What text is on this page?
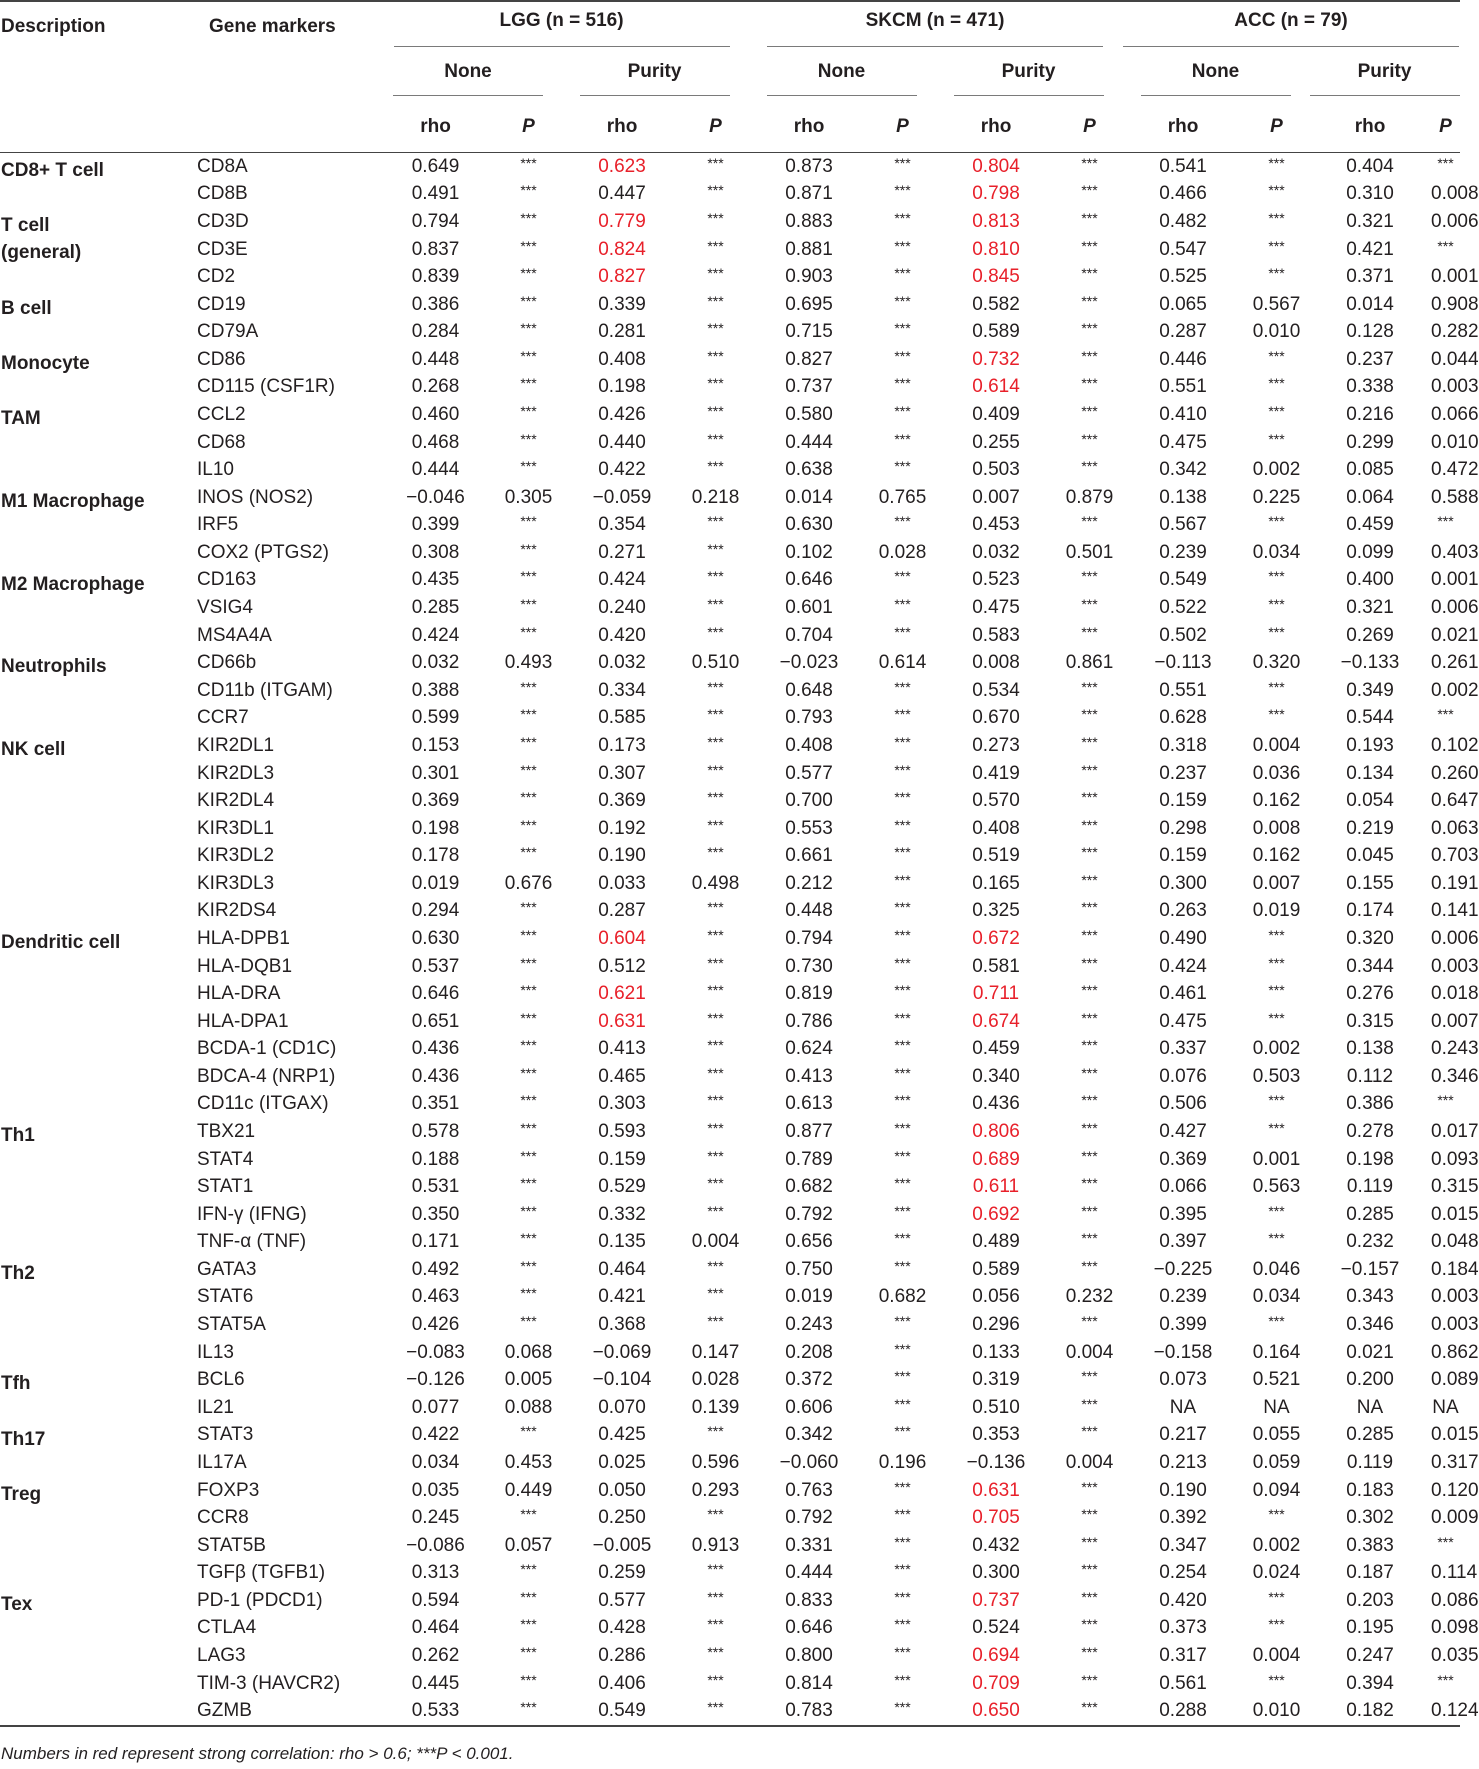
Description	Gene markers	LGG (n = 516)				SKCM (n = 471)				ACC (n = 79)			

		None		Purity		None		Purity		None		Purity	

		rho	P	rho	P	rho	P	rho	P	rho	P	rho	P
CD8+ T cell	CD8A	0.649	***	0.623	***	0.873	***	0.804	***	0.541	***	0.404	***
	CD8B	0.491	***	0.447	***	0.871	***	0.798	***	0.466	***	0.310	0.008
T cell (general)	CD3D	0.794	***	0.779	***	0.883	***	0.813	***	0.482	***	0.321	0.006
	CD3E	0.837	***	0.824	***	0.881	***	0.810	***	0.547	***	0.421	***
	CD2	0.839	***	0.827	***	0.903	***	0.845	***	0.525	***	0.371	0.001
B cell	CD19	0.386	***	0.339	***	0.695	***	0.582	***	0.065	0.567	0.014	0.908
	CD79A	0.284	***	0.281	***	0.715	***	0.589	***	0.287	0.010	0.128	0.282
Monocyte	CD86	0.448	***	0.408	***	0.827	***	0.732	***	0.446	***	0.237	0.044
	CD115 (CSF1R)	0.268	***	0.198	***	0.737	***	0.614	***	0.551	***	0.338	0.003
TAM	CCL2	0.460	***	0.426	***	0.580	***	0.409	***	0.410	***	0.216	0.066
	CD68	0.468	***	0.440	***	0.444	***	0.255	***	0.475	***	0.299	0.010
	IL10	0.444	***	0.422	***	0.638	***	0.503	***	0.342	0.002	0.085	0.472
M1 Macrophage	INOS (NOS2)	−0.046	0.305	−0.059	0.218	0.014	0.765	0.007	0.879	0.138	0.225	0.064	0.588
	IRF5	0.399	***	0.354	***	0.630	***	0.453	***	0.567	***	0.459	***
	COX2 (PTGS2)	0.308	***	0.271	***	0.102	0.028	0.032	0.501	0.239	0.034	0.099	0.403
M2 Macrophage	CD163	0.435	***	0.424	***	0.646	***	0.523	***	0.549	***	0.400	0.001
	VSIG4	0.285	***	0.240	***	0.601	***	0.475	***	0.522	***	0.321	0.006
	MS4A4A	0.424	***	0.420	***	0.704	***	0.583	***	0.502	***	0.269	0.021
Neutrophils	CD66b	0.032	0.493	0.032	0.510	−0.023	0.614	0.008	0.861	−0.113	0.320	−0.133	0.261
	CD11b (ITGAM)	0.388	***	0.334	***	0.648	***	0.534	***	0.551	***	0.349	0.002
	CCR7	0.599	***	0.585	***	0.793	***	0.670	***	0.628	***	0.544	***
NK cell	KIR2DL1	0.153	***	0.173	***	0.408	***	0.273	***	0.318	0.004	0.193	0.102
	KIR2DL3	0.301	***	0.307	***	0.577	***	0.419	***	0.237	0.036	0.134	0.260
	KIR2DL4	0.369	***	0.369	***	0.700	***	0.570	***	0.159	0.162	0.054	0.647
	KIR3DL1	0.198	***	0.192	***	0.553	***	0.408	***	0.298	0.008	0.219	0.063
	KIR3DL2	0.178	***	0.190	***	0.661	***	0.519	***	0.159	0.162	0.045	0.703
	KIR3DL3	0.019	0.676	0.033	0.498	0.212	***	0.165	***	0.300	0.007	0.155	0.191
	KIR2DS4	0.294	***	0.287	***	0.448	***	0.325	***	0.263	0.019	0.174	0.141
Dendritic cell	HLA-DPB1	0.630	***	0.604	***	0.794	***	0.672	***	0.490	***	0.320	0.006
	HLA-DQB1	0.537	***	0.512	***	0.730	***	0.581	***	0.424	***	0.344	0.003
	HLA-DRA	0.646	***	0.621	***	0.819	***	0.711	***	0.461	***	0.276	0.018
	HLA-DPA1	0.651	***	0.631	***	0.786	***	0.674	***	0.475	***	0.315	0.007
	BCDA-1 (CD1C)	0.436	***	0.413	***	0.624	***	0.459	***	0.337	0.002	0.138	0.243
	BDCA-4 (NRP1)	0.436	***	0.465	***	0.413	***	0.340	***	0.076	0.503	0.112	0.346
	CD11c (ITGAX)	0.351	***	0.303	***	0.613	***	0.436	***	0.506	***	0.386	***
Th1	TBX21	0.578	***	0.593	***	0.877	***	0.806	***	0.427	***	0.278	0.017
	STAT4	0.188	***	0.159	***	0.789	***	0.689	***	0.369	0.001	0.198	0.093
	STAT1	0.531	***	0.529	***	0.682	***	0.611	***	0.066	0.563	0.119	0.315
	IFN-γ (IFNG)	0.350	***	0.332	***	0.792	***	0.692	***	0.395	***	0.285	0.015
	TNF-α (TNF)	0.171	***	0.135	0.004	0.656	***	0.489	***	0.397	***	0.232	0.048
Th2	GATA3	0.492	***	0.464	***	0.750	***	0.589	***	−0.225	0.046	−0.157	0.184
	STAT6	0.463	***	0.421	***	0.019	0.682	0.056	0.232	0.239	0.034	0.343	0.003
	STAT5A	0.426	***	0.368	***	0.243	***	0.296	***	0.399	***	0.346	0.003
	IL13	−0.083	0.068	−0.069	0.147	0.208	***	0.133	0.004	−0.158	0.164	0.021	0.862
Tfh	BCL6	−0.126	0.005	−0.104	0.028	0.372	***	0.319	***	0.073	0.521	0.200	0.089
	IL21	0.077	0.088	0.070	0.139	0.606	***	0.510	***	NA	NA	NA	NA
Th17	STAT3	0.422	***	0.425	***	0.342	***	0.353	***	0.217	0.055	0.285	0.015
	IL17A	0.034	0.453	0.025	0.596	−0.060	0.196	−0.136	0.004	0.213	0.059	0.119	0.317
Treg	FOXP3	0.035	0.449	0.050	0.293	0.763	***	0.631	***	0.190	0.094	0.183	0.120
	CCR8	0.245	***	0.250	***	0.792	***	0.705	***	0.392	***	0.302	0.009
	STAT5B	−0.086	0.057	−0.005	0.913	0.331	***	0.432	***	0.347	0.002	0.383	***
	TGFβ (TGFB1)	0.313	***	0.259	***	0.444	***	0.300	***	0.254	0.024	0.187	0.114
Tex	PD-1 (PDCD1)	0.594	***	0.577	***	0.833	***	0.737	***	0.420	***	0.203	0.086
	CTLA4	0.464	***	0.428	***	0.646	***	0.524	***	0.373	***	0.195	0.098
	LAG3	0.262	***	0.286	***	0.800	***	0.694	***	0.317	0.004	0.247	0.035
	TIM-3 (HAVCR2)	0.445	***	0.406	***	0.814	***	0.709	***	0.561	***	0.394	***
	GZMB	0.533	***	0.549	***	0.783	***	0.650	***	0.288	0.010	0.182	0.124
Numbers in red represent strong correlation: rho > 0.6; ***P < 0.001.
